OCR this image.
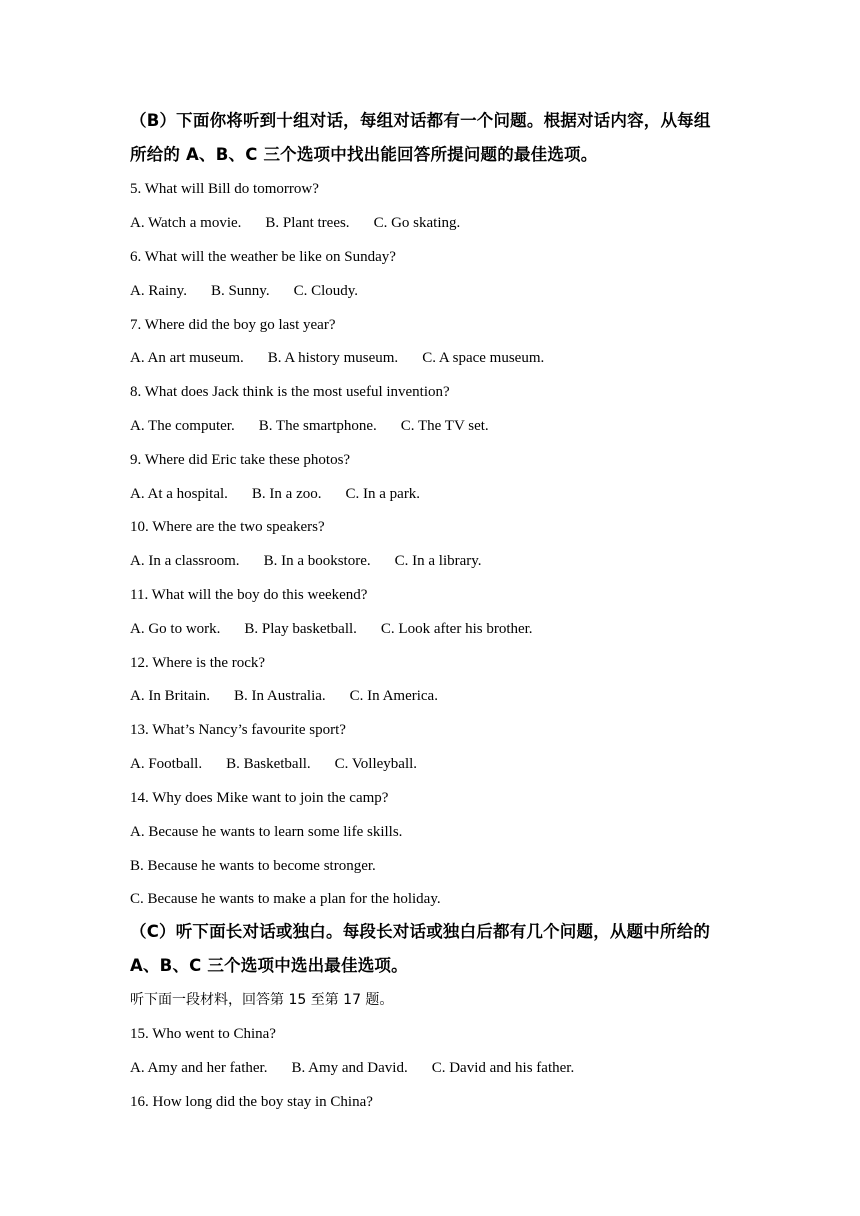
（B）下面你将听到十组对话，每组对话都有一个问题。根据对话内容，从每组
所给的 A、B、C 三个选项中找出能回答所提问题的最佳选项。
5. What will Bill do tomorrow?
A. Watch a movie. B. Plant trees. C. Go skating.
6. What will the weather be like on Sunday?
A. Rainy. B. Sunny. C. Cloudy.
7. Where did the boy go last year?
A. An art museum. B. A history museum. C. A space museum.
8. What does Jack think is the most useful invention?
A. The computer. B. The smartphone. C. The TV set.
9. Where did Eric take these photos?
A. At a hospital. B. In a zoo. C. In a park.
10. Where are the two speakers?
A. In a classroom. B. In a bookstore. C. In a library.
11. What will the boy do this weekend?
A. Go to work. B. Play basketball. C. Look after his brother.
12. Where is the rock?
A. In Britain. B. In Australia. C. In America.
13. What’s Nancy’s favourite sport?
A. Football. B. Basketball. C. Volleyball.
14. Why does Mike want to join the camp?
A. Because he wants to learn some life skills.
B. Because he wants to become stronger.
C. Because he wants to make a plan for the holiday.
（C）听下面长对话或独白。每段长对话或独白后都有几个问题，从题中所给的
A、B、C 三个选项中选出最佳选项。
听下面一段材料，回答第 15 至第 17 题。
15. Who went to China?
A. Amy and her father. B. Amy and David. C. David and his father.
16. How long did the boy stay in China?
